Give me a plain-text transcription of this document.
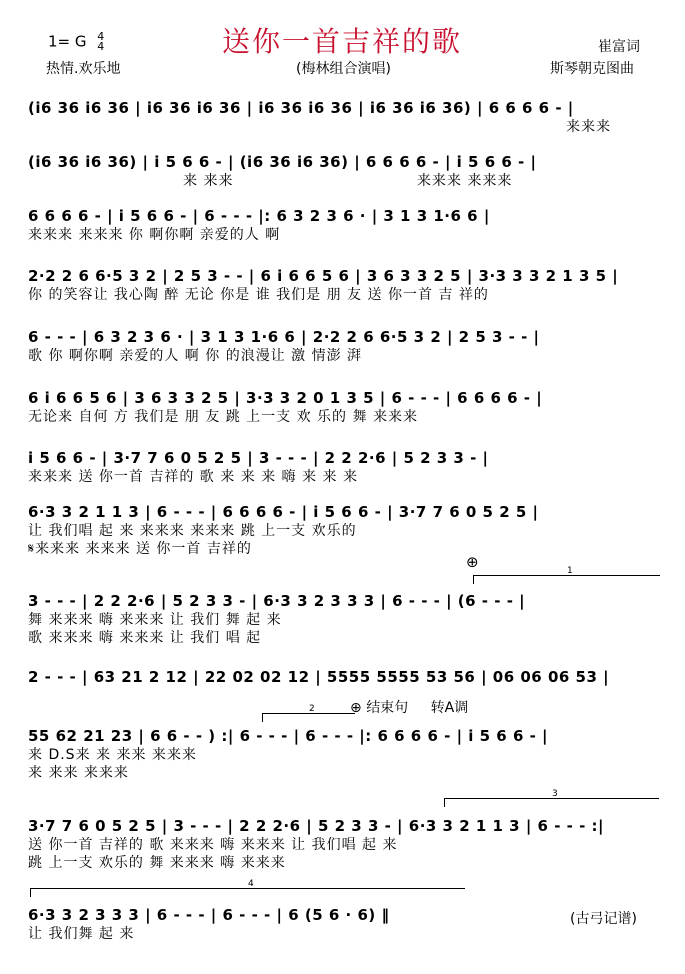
1= G 4
4	送你一首吉祥的歌
热情.欢乐地	(梅林组合演唱)
崔富词
斯琴朝克图曲
(i6 36 i6 36 | i6 36 i6 36 | i6 36 i6 36 | i6 36 i6 36) | 6 6 6 6 - |
来来来
(i6 36 i6 36) | i 5 6 6 - | (i6 36 i6 36) | 6 6 6 6 - | i 5 6 6 - |
来 来来	来来来 来来来
6 6 6 6 - | i 5 6 6 - | 6 - - - |: 6 3 2 3 6 · | 3 1 3 1·6 6 |
来来来 来来来 你 啊你啊 亲爱的人 啊
2·2 2 6 6·5 3 2 | 2 5 3 - - | 6 i 6 6 5 6 | 3 6 3 3 2 5 | 3·3 3 3 2 1 3 5 |
你 的笑容让 我心陶 醉 无论 你是 谁 我们是 朋 友 送 你一首 吉 祥的
6 - - - | 6 3 2 3 6 · | 3 1 3 1·6 6 | 2·2 2 6 6·5 3 2 | 2 5 3 - - |
歌 你 啊你啊 亲爱的人 啊 你 的浪漫让 激 情澎 湃
6 i 6 6 5 6 | 3 6 3 3 2 5 | 3·3 3 2 0 1 3 5 | 6 - - - | 6 6 6 6 - |
无论来 自何 方 我们是 朋 友 跳 上一支 欢 乐的 舞 来来来
i 5 6 6 - | 3·7 7 6 0 5 2 5 | 3 - - - | 2 2 2·6 | 5 2 3 3 - |
来来来 送 你一首 吉祥的 歌 来 来 来 嗨 来 来 来
6·3 3 2 1 1 3 | 6 - - - | 6 6 6 6 - | i 5 6 6 - | 3·7 7 6 0 5 2 5 |
让 我们唱 起 来 来来来 来来来 跳 上一支 欢乐的
𝄋来来来 来来来 送 你一首 吉祥的
⊕	1
3 - - - | 2 2 2·6 | 5 2 3 3 - | 6·3 3 2 3 3 3 | 6 - - - | (6 - - - |
舞 来来来 嗨 来来来 让 我们 舞 起 来
歌 来来来 嗨 来来来 让 我们 唱 起
2 - - - | 63 21 2 12 | 22 02 02 12 | 5555 5555 53 56 | 06 06 06 53 |
2	⊕ 结束句 转A调
55 62 21 23 | 6 6 - - ) :| 6 - - - | 6 - - - |: 6 6 6 6 - | i 5 6 6 - |
来 D.S来 来 来来 来来来
来 来来 来来来
3
3·7 7 6 0 5 2 5 | 3 - - - | 2 2 2·6 | 5 2 3 3 - | 6·3 3 2 1 1 3 | 6 - - - :|
送 你一首 吉祥的 歌 来来来 嗨 来来来 让 我们唱 起 来
跳 上一支 欢乐的 舞 来来来 嗨 来来来
4
6·3 3 2 3 3 3 | 6 - - - | 6 - - - | 6 (5 6 · 6) ‖
让 我们舞 起 来
(古弓记谱)
